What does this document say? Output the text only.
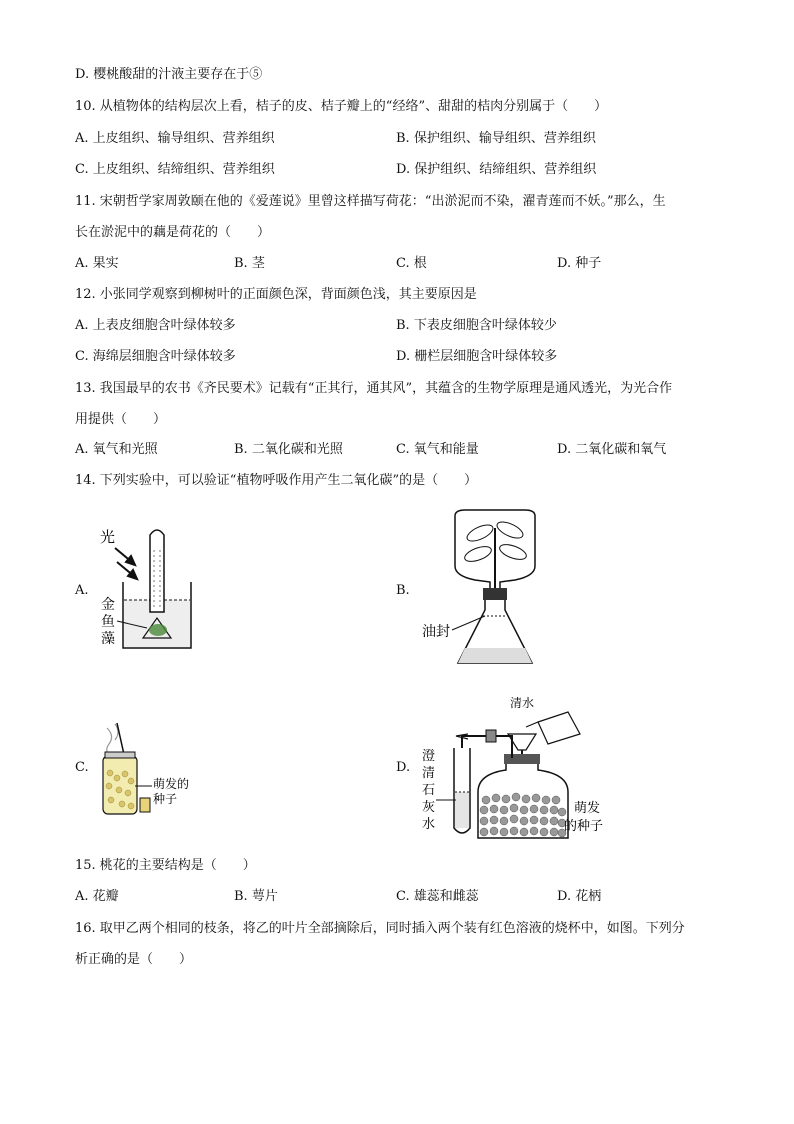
D. 樱桃酸甜的汁液主要存在于⑤
10. 从植物体的结构层次上看，桔子的皮、桔子瓣上的“经络”、甜甜的桔肉分别属于（　　）
A. 上皮组织、输导组织、营养组织	B. 保护组织、输导组织、营养组织
C. 上皮组织、结缔组织、营养组织	D. 保护组织、结缔组织、营养组织
11. 宋朝哲学家周敦颐在他的《爱莲说》里曾这样描写荷花：“出淤泥而不染，濯青莲而不妖。”那么，生
长在淤泥中的藕是荷花的（　　）
A. 果实	B. 茎	C. 根	D. 种子
12. 小张同学观察到柳树叶的正面颜色深，背面颜色浅，其主要原因是
A. 上表皮细胞含叶绿体较多	B. 下表皮细胞含叶绿体较少
C. 海绵层细胞含叶绿体较多	D. 栅栏层细胞含叶绿体较多
13. 我国最早的农书《齐民要术》记载有“正其行，通其风”，其蕴含的生物学原理是通风透光，为光合作
用提供（　　）
A. 氧气和光照	B. 二氧化碳和光照	C. 氧气和能量	D. 二氧化碳和氧气
14. 下列实验中，可以验证“植物呼吸作用产生二氧化碳”的是（　　）
A.	B.
C.	D.
光
金
鱼
藻	油封
萌发的
种子
清水
澄
清
石
灰
水
萌发
的种子
15. 桃花的主要结构是（　　）
A. 花瓣	B. 萼片	C. 雄蕊和雌蕊	D. 花柄
16. 取甲乙两个相同的枝条，将乙的叶片全部摘除后，同时插入两个装有红色溶液的烧杯中，如图。下列分
析正确的是（　　）
